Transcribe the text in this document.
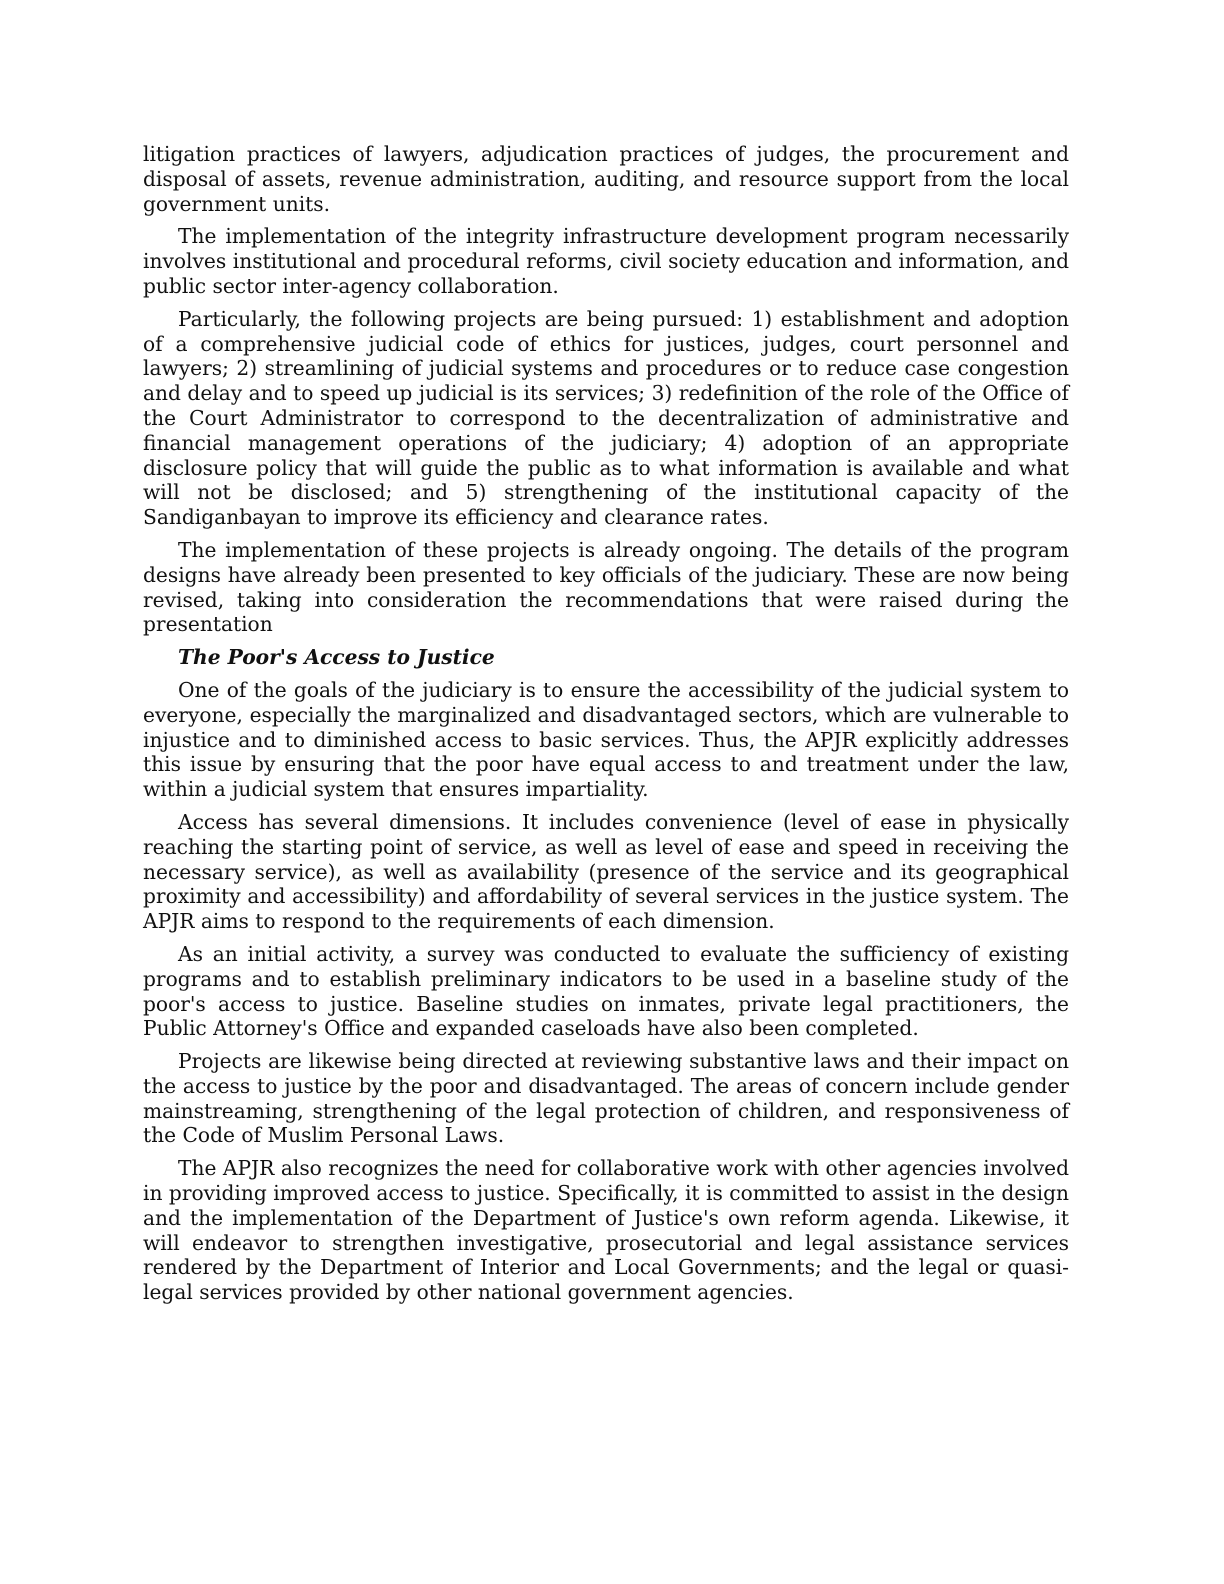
litigation practices of lawyers, adjudication practices of judges, the procurement and disposal of assets, revenue administration, auditing, and resource support from the local government units.

The implementation of the integrity infrastructure development program necessarily involves institutional and procedural reforms, civil society education and information, and public sector inter-agency collaboration.

Particularly, the following projects are being pursued: 1) establishment and adoption of a comprehensive judicial code of ethics for justices, judges, court personnel and lawyers; 2) streamlining of judicial systems and procedures or to reduce case congestion and delay and to speed up judicial is its services; 3) redefinition of the role of the Office of the Court Administrator to correspond to the decentralization of administrative and financial management operations of the judiciary; 4) adoption of an appropriate disclosure policy that will guide the public as to what information is available and what will not be disclosed; and 5) strengthening of the institutional capacity of the Sandiganbayan to improve its efficiency and clearance rates.

The implementation of these projects is already ongoing. The details of the program designs have already been presented to key officials of the judiciary. These are now being revised, taking into consideration the recommendations that were raised during the presentation

The Poor's Access to Justice

One of the goals of the judiciary is to ensure the accessibility of the judicial system to everyone, especially the marginalized and disadvantaged sectors, which are vulnerable to injustice and to diminished access to basic services. Thus, the APJR explicitly addresses this issue by ensuring that the poor have equal access to and treatment under the law, within a judicial system that ensures impartiality.

Access has several dimensions. It includes convenience (level of ease in physically reaching the starting point of service, as well as level of ease and speed in receiving the necessary service), as well as availability (presence of the service and its geographical proximity and accessibility) and affordability of several services in the justice system. The APJR aims to respond to the requirements of each dimension.

As an initial activity, a survey was conducted to evaluate the sufficiency of existing programs and to establish preliminary indicators to be used in a baseline study of the poor's access to justice. Baseline studies on inmates, private legal practitioners, the Public Attorney's Office and expanded caseloads have also been completed.

Projects are likewise being directed at reviewing substantive laws and their impact on the access to justice by the poor and disadvantaged. The areas of concern include gender mainstreaming, strengthening of the legal protection of children, and responsiveness of the Code of Muslim Personal Laws.

The APJR also recognizes the need for collaborative work with other agencies involved in providing improved access to justice. Specifically, it is committed to assist in the design and the implementation of the Department of Justice's own reform agenda. Likewise, it will endeavor to strengthen investigative, prosecutorial and legal assistance services rendered by the Department of Interior and Local Governments; and the legal or quasi-legal services provided by other national government agencies.
